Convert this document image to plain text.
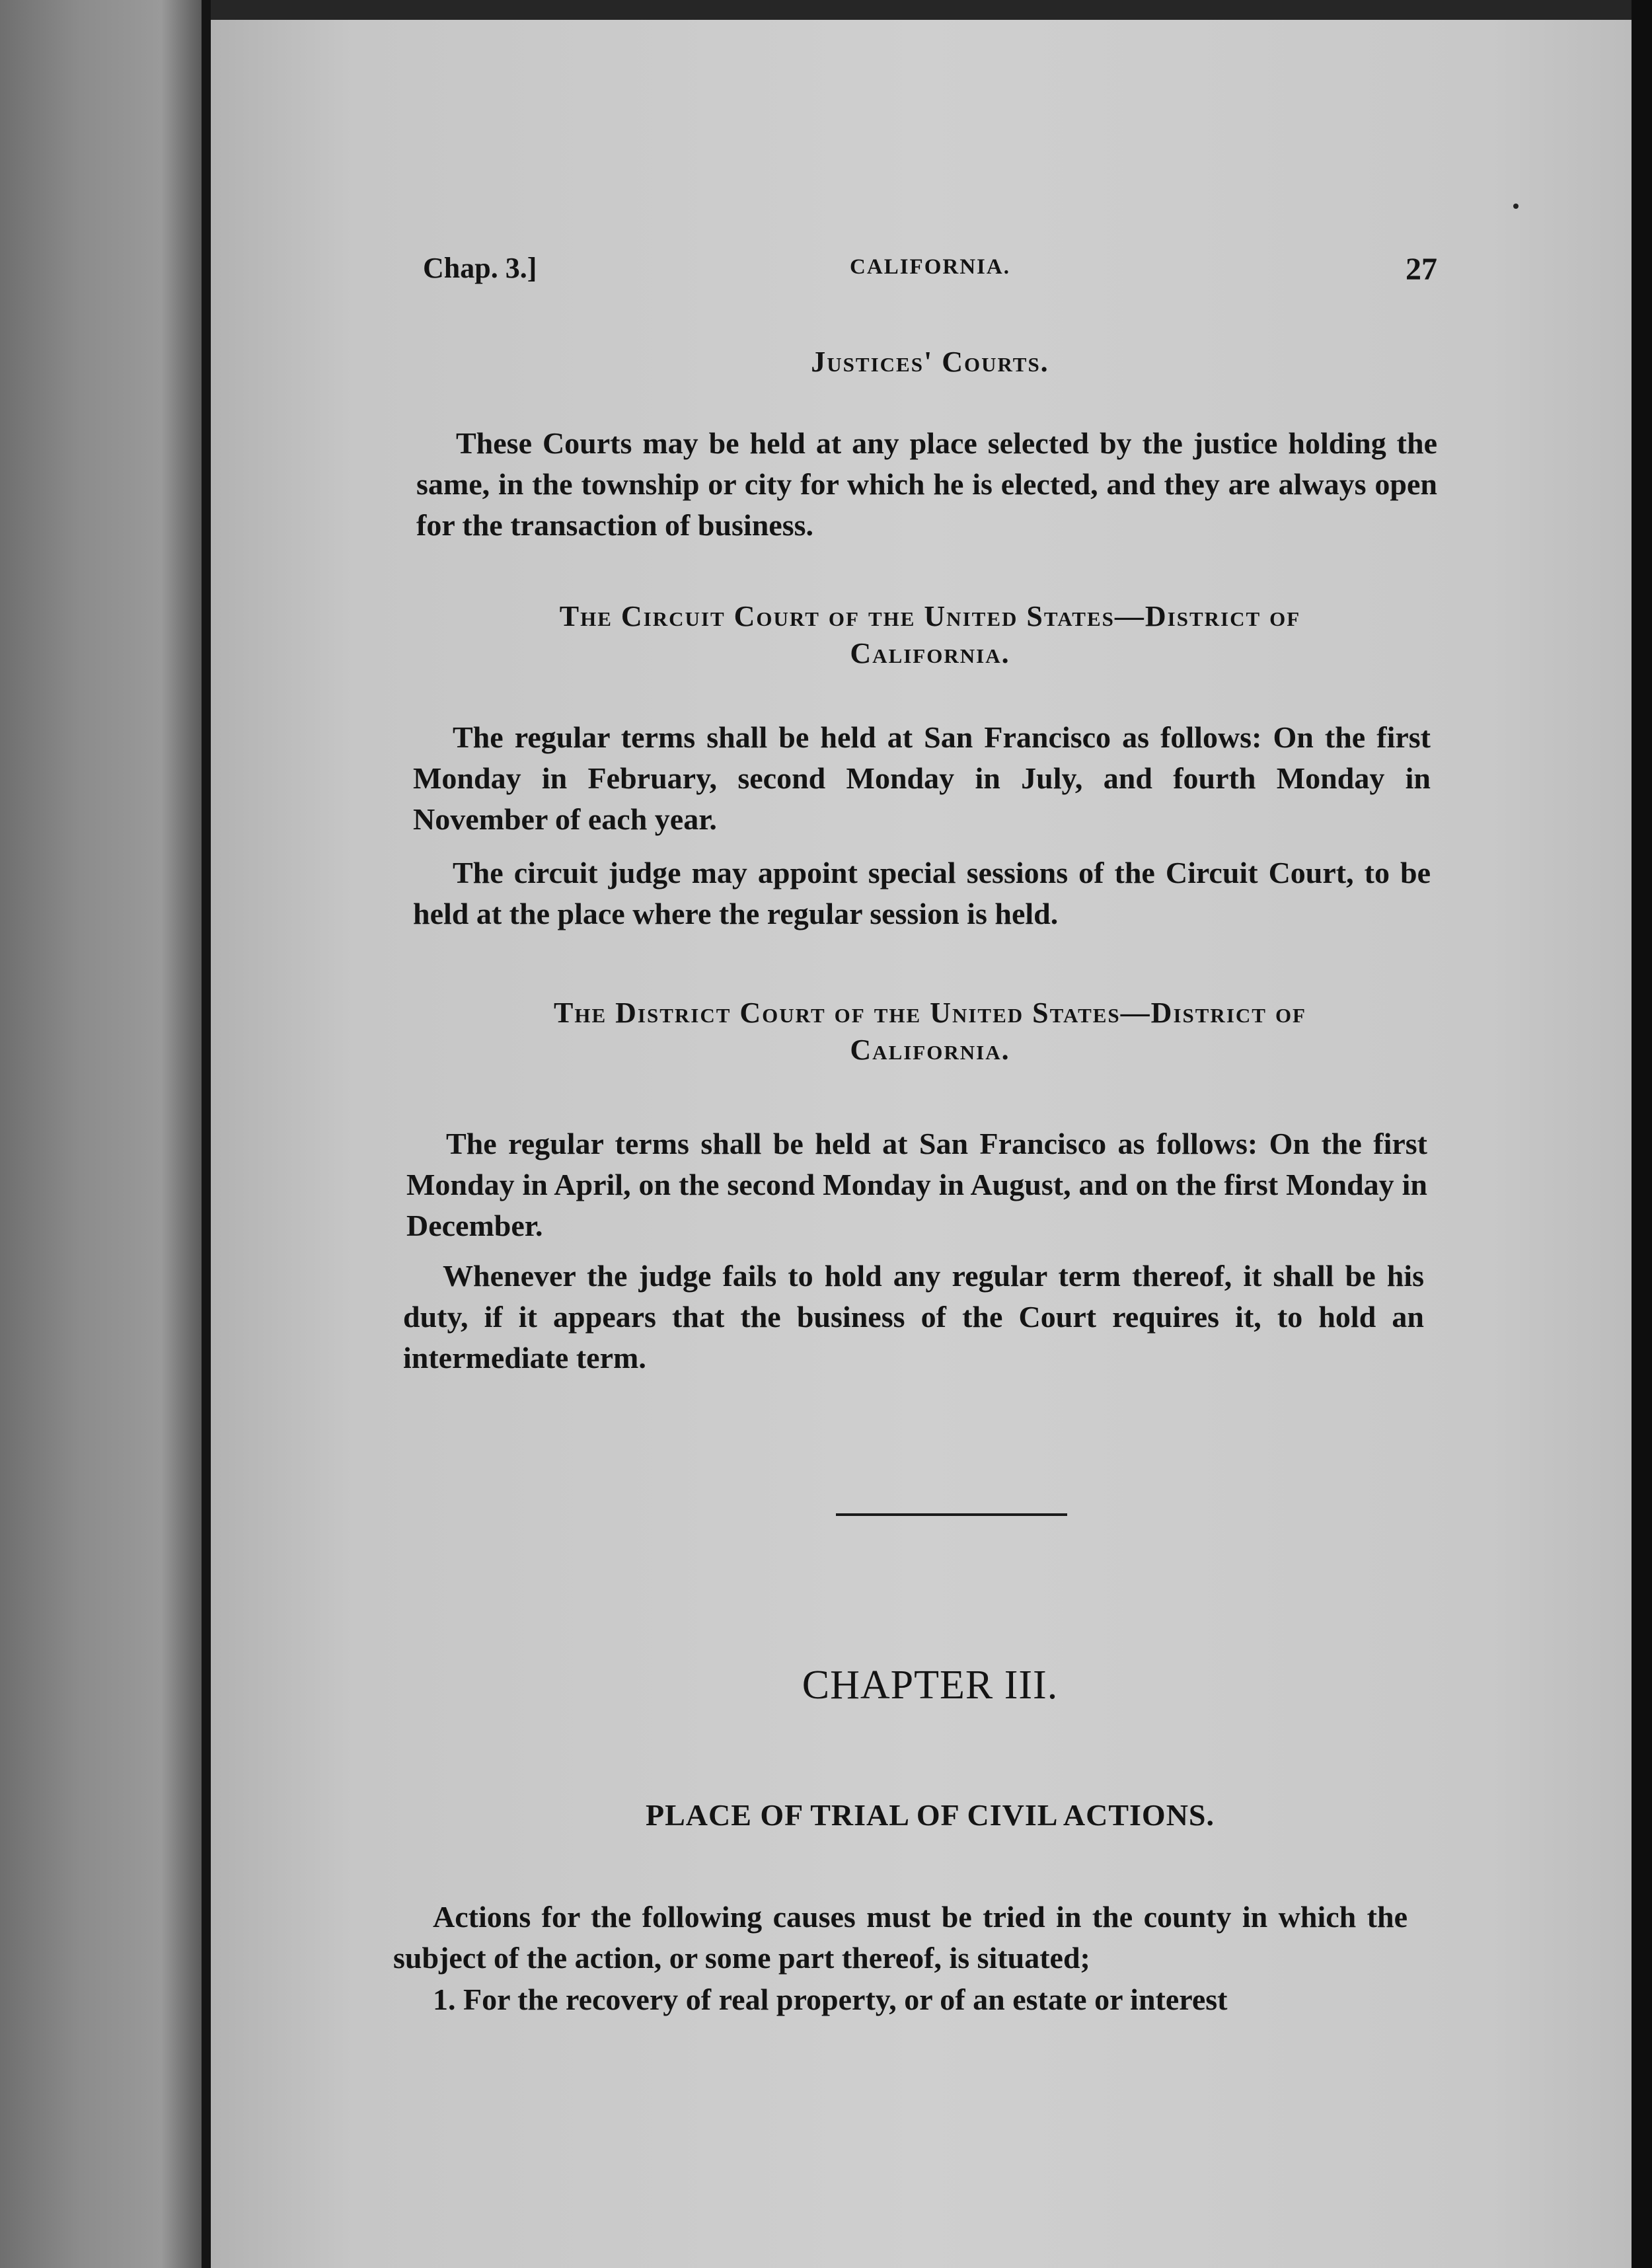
Chap. 3.]	CALIFORNIA.	27
Justices' Courts.
These Courts may be held at any place selected by the justice holding the same, in the township or city for which he is elected, and they are always open for the transaction of business.
The Circuit Court of the United States—District of
California.
The regular terms shall be held at San Francisco as follows: On the first Monday in February, second Monday in July, and fourth Monday in November of each year.
The circuit judge may appoint special sessions of the Circuit Court, to be held at the place where the regular session is held.
The District Court of the United States—District of
California.
The regular terms shall be held at San Francisco as follows: On the first Monday in April, on the second Monday in August, and on the first Monday in December.
Whenever the judge fails to hold any regular term thereof, it shall be his duty, if it appears that the business of the Court requires it, to hold an intermediate term.
CHAPTER III.
PLACE OF TRIAL OF CIVIL ACTIONS.
Actions for the following causes must be tried in the county in which the subject of the action, or some part thereof, is situated;
1. For the recovery of real property, or of an estate or interest
